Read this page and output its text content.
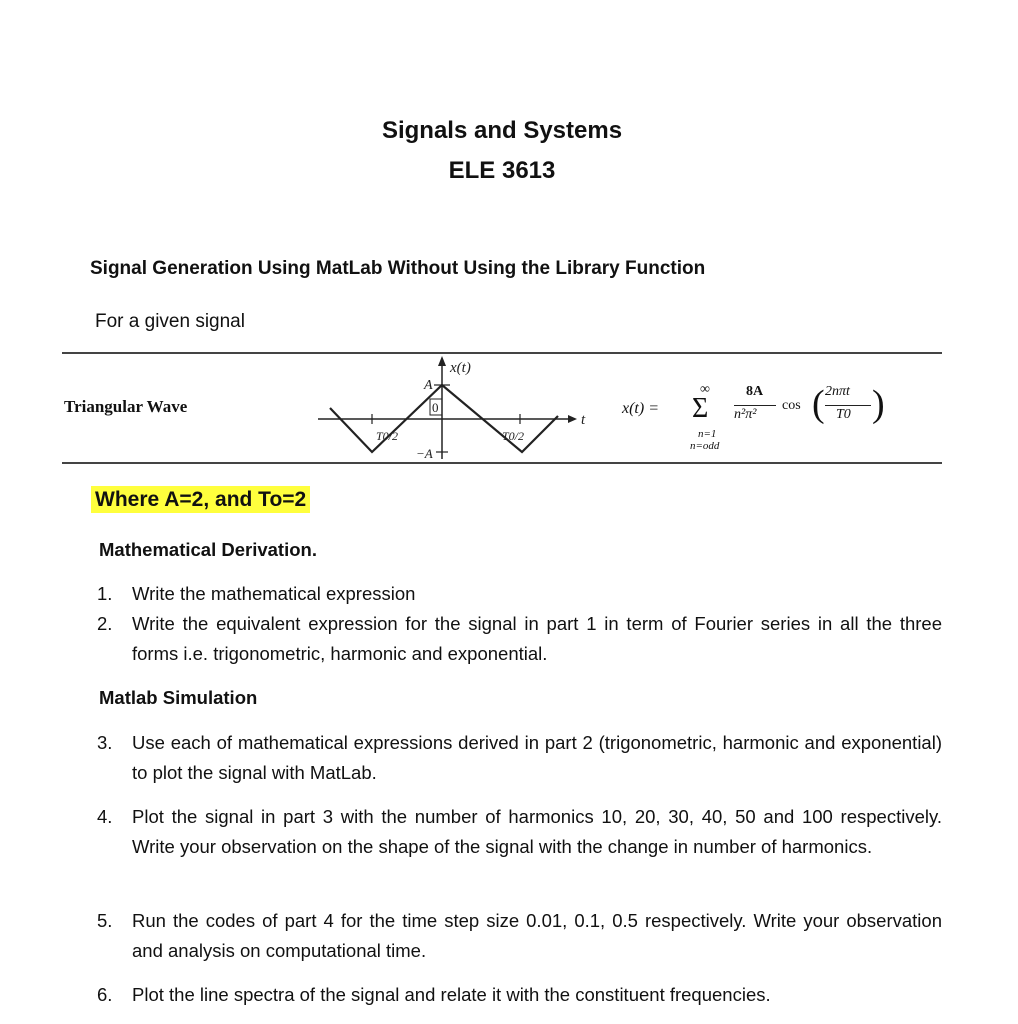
Signals and Systems
ELE 3613
Signal Generation Using MatLab Without Using the Library Function
For a given signal
Triangular Wave
x(t)
t
A
−A
0
T0/2	T0/2
x(t) =
∞
Σ
n=1
n=odd
8A
n²π²
cos ( 2nπt
T0 )
Where A=2, and To=2
Mathematical Derivation.
1. Write the mathematical expression
2. Write the equivalent expression for the signal in part 1 in term of Fourier series in all the three forms i.e. trigonometric, harmonic and exponential.
Matlab Simulation
3. Use each of mathematical expressions derived in part 2 (trigonometric, harmonic and exponential) to plot the signal with MatLab.
4. Plot the signal in part 3 with the number of harmonics 10, 20, 30, 40, 50 and 100 respectively. Write your observation on the shape of the signal with the change in number of harmonics.
5. Run the codes of part 4 for the time step size 0.01, 0.1, 0.5 respectively. Write your observation and analysis on computational time.
6. Plot the line spectra of the signal and relate it with the constituent frequencies.
